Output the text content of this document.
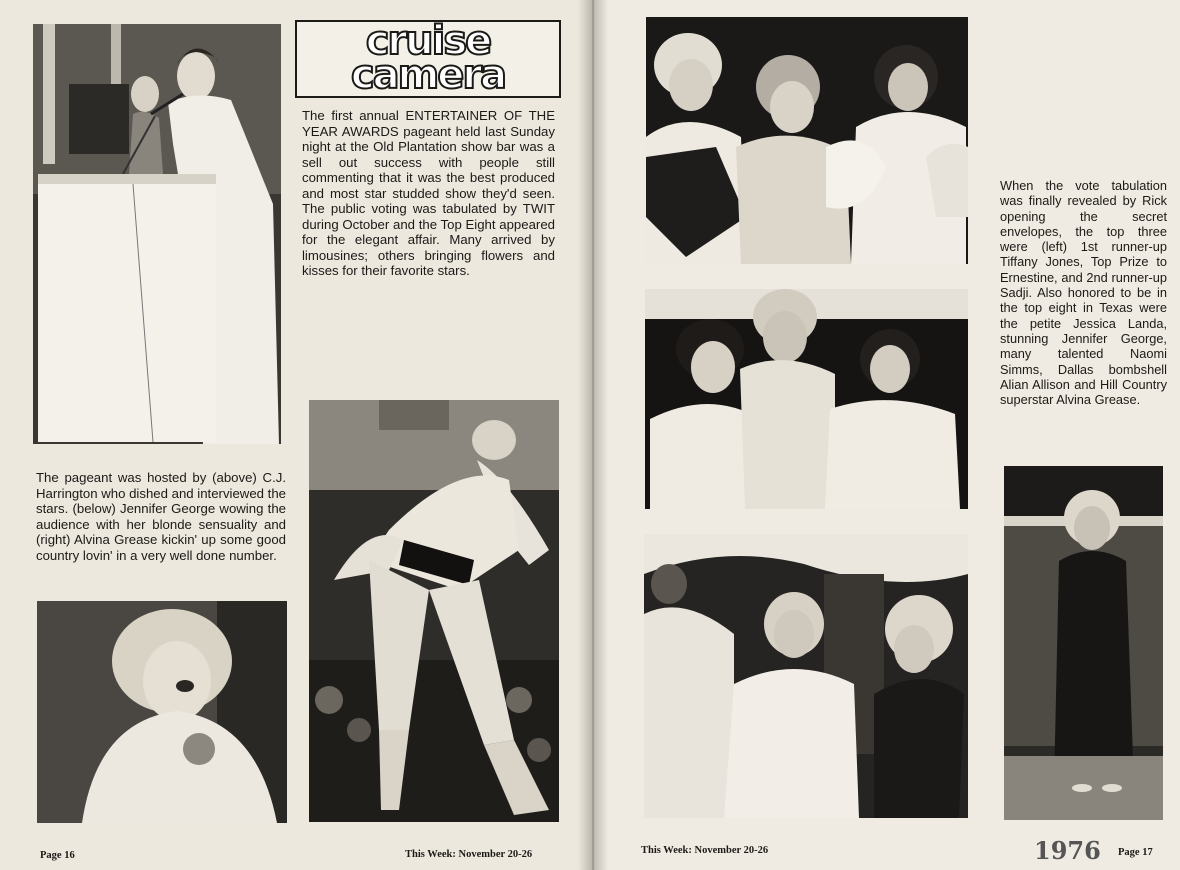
cruise
camera
The first annual ENTERTAINER OF THE YEAR AWARDS pageant held last Sunday night at the Old Plantation show bar was a sell out success with people still commenting that it was the best produced and most star studded show they'd seen. The public voting was tabulated by TWIT during October and the Top Eight appeared for the elegant affair. Many arrived by limousines; others bringing flowers and kisses for their favorite stars.
The pageant was hosted by (above) C.J. Harrington who dished and interviewed the stars. (below) Jennifer George wowing the audience with her blonde sensuality and (right) Alvina Grease kickin' up some good country lovin' in a very well done number.
When the vote tabulation was finally revealed by Rick opening the secret envelopes, the top three were (left) 1st runner-up Tiffany Jones, Top Prize to Ernestine, and 2nd runner-up Sadji. Also honored to be in the top eight in Texas were the petite Jessica Landa, stunning Jennifer George, many talented Naomi Simms, Dallas bombshell Alian Allison and Hill Country superstar Alvina Grease.
Page 16	This Week: November 20-26	This Week: November 20-26	1976 Page 17
